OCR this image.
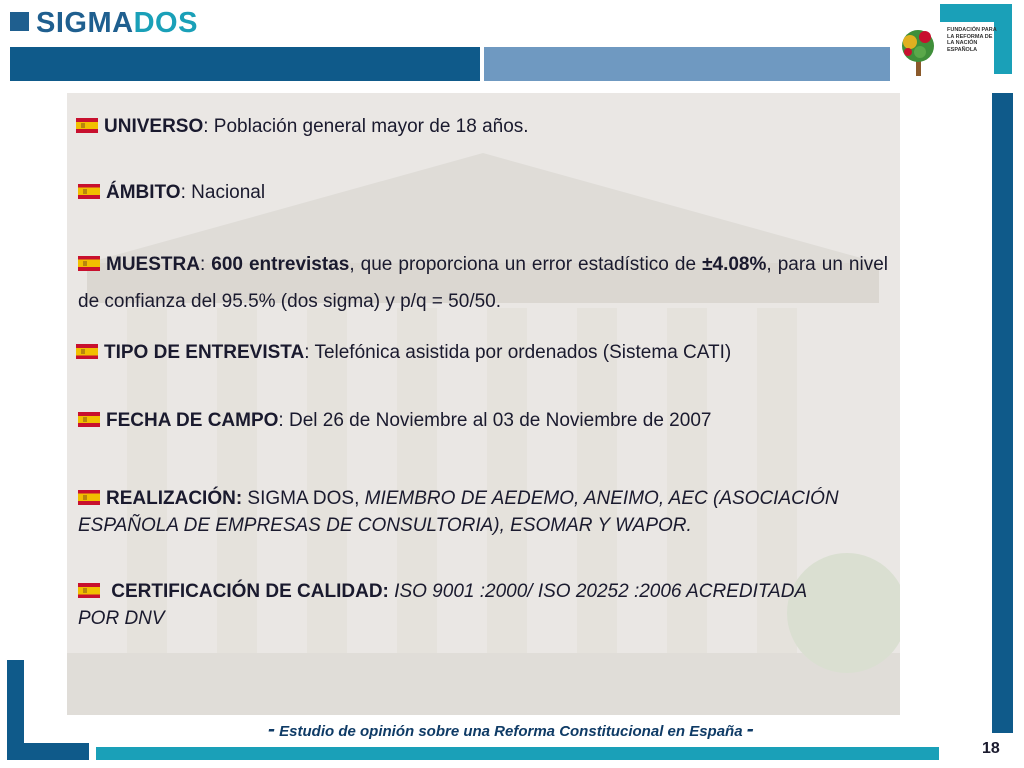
SIGMADOS	FUNDACIÓN PARA LA REFORMA DE LA NACIÓN ESPAÑOLA
UNIVERSO: Población general mayor de 18 años.
ÁMBITO: Nacional
MUESTRA: 600 entrevistas, que proporciona un error estadístico de ±4.08%, para un nivel de confianza del 95.5% (dos sigma) y p/q = 50/50.
TIPO DE ENTREVISTA: Telefónica asistida por ordenados (Sistema CATI)
FECHA DE CAMPO: Del 26 de Noviembre al 03 de Noviembre de 2007
REALIZACIÓN: SIGMA DOS, MIEMBRO DE AEDEMO, ANEIMO, AEC (ASOCIACIÓN ESPAÑOLA DE EMPRESAS DE CONSULTORIA), ESOMAR Y WAPOR.
CERTIFICACIÓN DE CALIDAD: ISO 9001 :2000/ ISO 20252 :2006 ACREDITADA POR DNV
- Estudio de opinión sobre una Reforma Constitucional en España -
18
